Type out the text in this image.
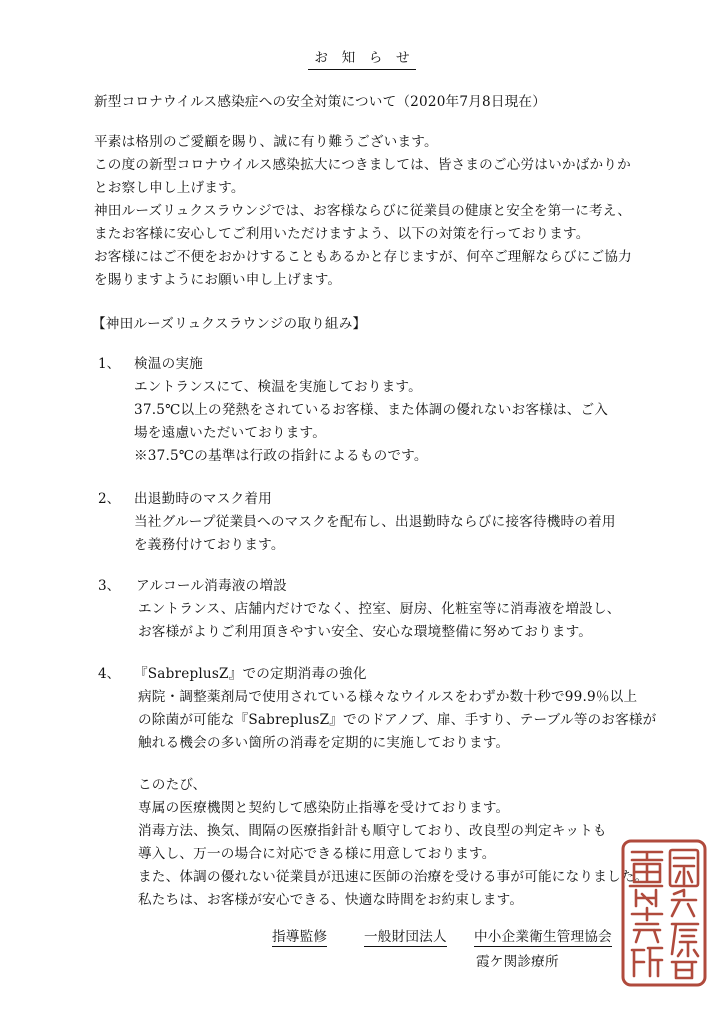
お　知　ら　せ
新型コロナウイルス感染症への安全対策について（2020年7月8日現在）
平素は格別のご愛顧を賜り、誠に有り難うございます。
この度の新型コロナウイルス感染拡大につきましては、皆さまのご心労はいかばかりか
とお察し申し上げます。
神田ルーズリュクスラウンジでは、お客様ならびに従業員の健康と安全を第一に考え、
またお客様に安心してご利用いただけますよう、以下の対策を行っております。
お客様にはご不便をおかけすることもあるかと存じますが、何卒ご理解ならびにご協力
を賜りますようにお願い申し上げます。
【神田ルーズリュクスラウンジの取り組み】
1、 検温の実施
エントランスにて、検温を実施しております。
37.5℃以上の発熱をされているお客様、また体調の優れないお客様は、ご入
場を遠慮いただいております。
※37.5℃の基準は行政の指針によるものです。
2、 出退勤時のマスク着用
当社グループ従業員へのマスクを配布し、出退勤時ならびに接客待機時の着用
を義務付けております。
3、 アルコール消毒液の増設
エントランス、店舗内だけでなく、控室、厨房、化粧室等に消毒液を増設し、
お客様がよりご利用頂きやすい安全、安心な環境整備に努めております。
4、 『SabreplusZ』での定期消毒の強化
病院・調整薬剤局で使用されている様々なウイルスをわずか数十秒で99.9％以上
の除菌が可能な『SabreplusZ』でのドアノブ、扉、手すり、テーブル等のお客様が
触れる機会の多い箇所の消毒を定期的に実施しております。
このたび、
専属の医療機関と契約して感染防止指導を受けております。
消毒方法、換気、間隔の医療指針計も順守しており、改良型の判定キットも
導入し、万一の場合に対応できる様に用意しております。
また、体調の優れない従業員が迅速に医師の治療を受ける事が可能になりました。
私たちは、お客様が安心できる、快適な時間をお約束します。
指導監修	一般財団法人 中小企業衛生管理協会
霞ケ関診療所
